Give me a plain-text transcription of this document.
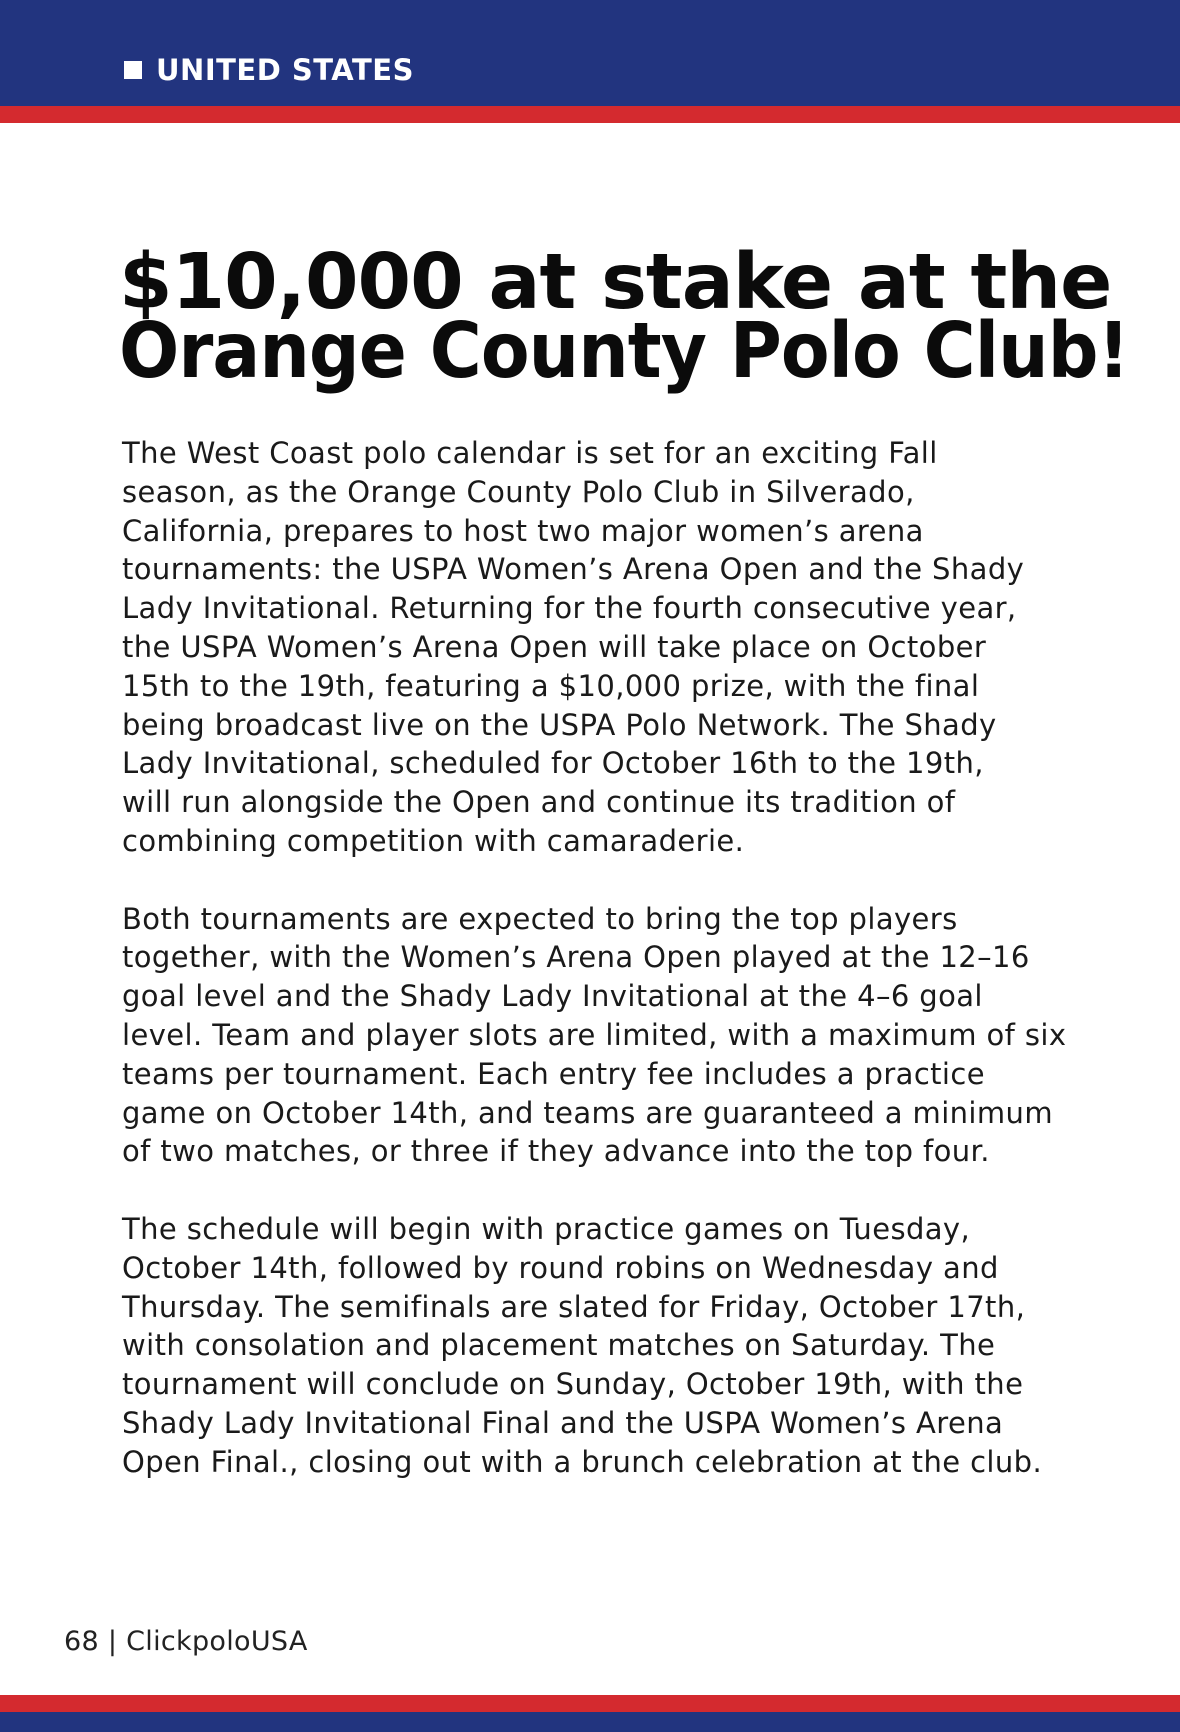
UNITED STATES
$10,000 at stake at the
Orange County Polo Club!

The West Coast polo calendar is set for an exciting Fall
season, as the Orange County Polo Club in Silverado,
California, prepares to host two major women’s arena
tournaments: the USPA Women’s Arena Open and the Shady
Lady Invitational. Returning for the fourth consecutive year,
the USPA Women’s Arena Open will take place on October
15th to the 19th, featuring a $10,000 prize, with the final
being broadcast live on the USPA Polo Network. The Shady
Lady Invitational, scheduled for October 16th to the 19th,
will run alongside the Open and continue its tradition of
combining competition with camaraderie.

Both tournaments are expected to bring the top players
together, with the Women’s Arena Open played at the 12–16
goal level and the Shady Lady Invitational at the 4–6 goal
level. Team and player slots are limited, with a maximum of six
teams per tournament. Each entry fee includes a practice
game on October 14th, and teams are guaranteed a minimum
of two matches, or three if they advance into the top four.

The schedule will begin with practice games on Tuesday,
October 14th, followed by round robins on Wednesday and
Thursday. The semifinals are slated for Friday, October 17th,
with consolation and placement matches on Saturday. The
tournament will conclude on Sunday, October 19th, with the
Shady Lady Invitational Final and the USPA Women’s Arena
Open Final., closing out with a brunch celebration at the club.

68 | ClickpoloUSA
